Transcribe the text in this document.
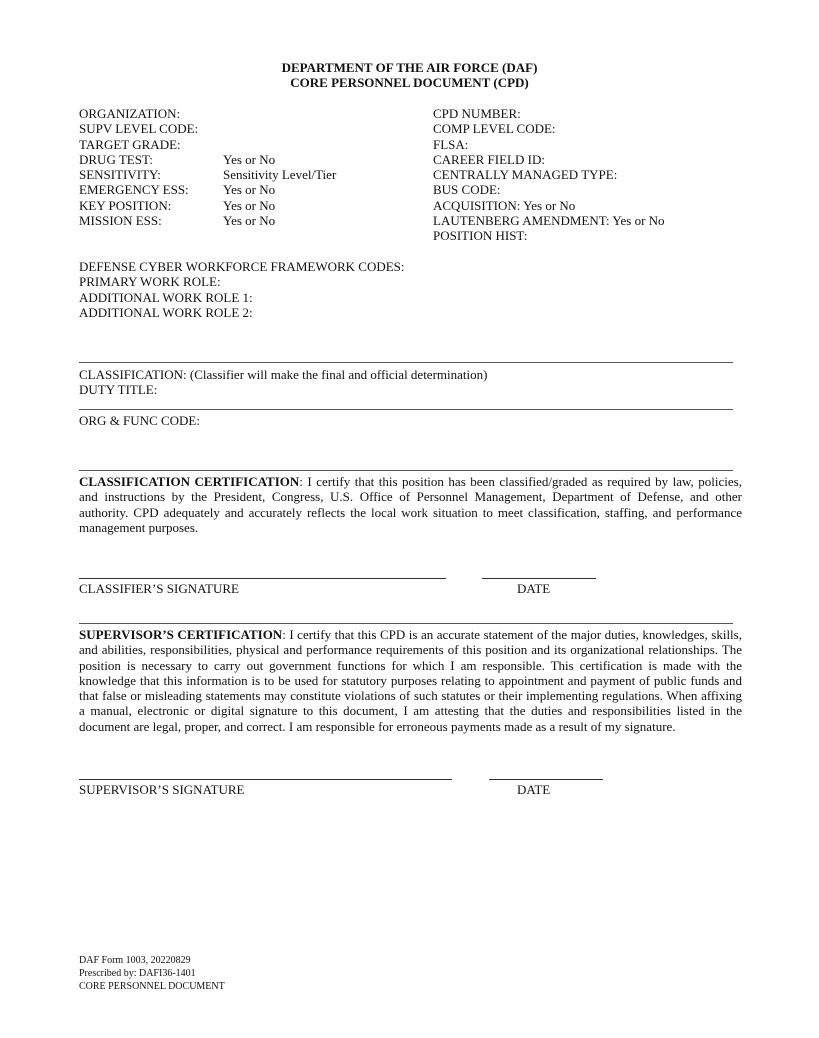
DEPARTMENT OF THE AIR FORCE (DAF)
CORE PERSONNEL DOCUMENT (CPD)
ORGANIZATION:
SUPV LEVEL CODE:
TARGET GRADE:
DRUG TEST:	Yes or No
SENSITIVITY:	Sensitivity Level/Tier
EMERGENCY ESS:	Yes or No
KEY POSITION:	Yes or No
MISSION ESS:	Yes or No
CPD NUMBER:
COMP LEVEL CODE:
FLSA:
CAREER FIELD ID:
CENTRALLY MANAGED TYPE:
BUS CODE:
ACQUISITION: Yes or No
LAUTENBERG AMENDMENT: Yes or No
POSITION HIST:
DEFENSE CYBER WORKFORCE FRAMEWORK CODES:
PRIMARY WORK ROLE:
ADDITIONAL WORK ROLE 1:
ADDITIONAL WORK ROLE 2:
CLASSIFICATION: (Classifier will make the final and official determination)
DUTY TITLE:
ORG & FUNC CODE:
CLASSIFICATION CERTIFICATION: I certify that this position has been classified/graded as required by law, policies, and instructions by the President, Congress, U.S. Office of Personnel Management, Department of Defense, and other authority. CPD adequately and accurately reflects the local work situation to meet classification, staffing, and performance management purposes.
CLASSIFIER’S SIGNATURE	DATE
SUPERVISOR’S CERTIFICATION: I certify that this CPD is an accurate statement of the major duties, knowledges, skills, and abilities, responsibilities, physical and performance requirements of this position and its organizational relationships. The position is necessary to carry out government functions for which I am responsible. This certification is made with the knowledge that this information is to be used for statutory purposes relating to appointment and payment of public funds and that false or misleading statements may constitute violations of such statutes or their implementing regulations. When affixing a manual, electronic or digital signature to this document, I am attesting that the duties and responsibilities listed in the document are legal, proper, and correct. I am responsible for erroneous payments made as a result of my signature.
SUPERVISOR’S SIGNATURE	DATE
DAF Form 1003, 20220829
Prescribed by: DAFI36-1401
CORE PERSONNEL DOCUMENT
